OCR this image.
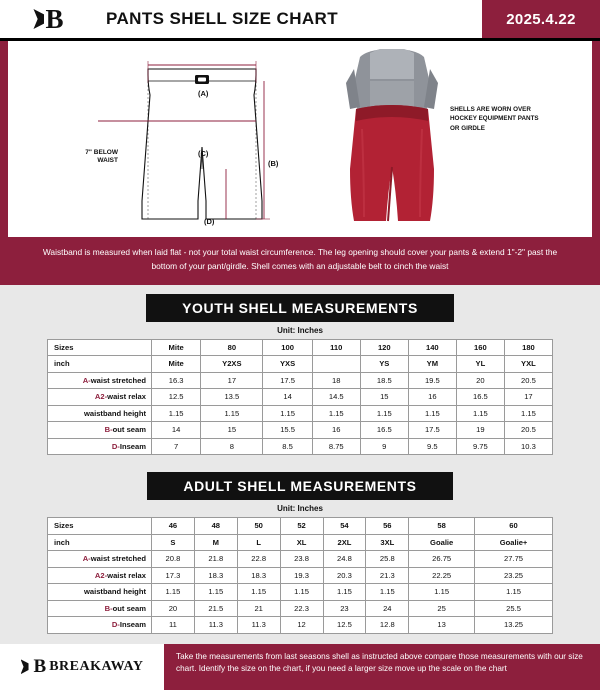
B	PANTS SHELL SIZE CHART	2025.4.22
7" BELOW WAIST
(A)
(C)
(B)
(D)
SHELLS ARE WORN OVER HOCKEY EQUIPMENT PANTS OR GIRDLE
Waistband is measured when laid flat - not your total waist circumference. The leg opening should cover your pants & extend 1"-2" past the bottom of your pant/girdle. Shell comes with an adjustable belt to cinch the waist
YOUTH SHELL MEASUREMENTS
Unit: Inches
Sizes	Mite	80	100	110	120	140	160	180
inch	Mite	Y2XS	YXS		YS	YM	YL	YXL
A-waist stretched	16.3	17	17.5	18	18.5	19.5	20	20.5
A2-waist relax	12.5	13.5	14	14.5	15	16	16.5	17
waistband height	1.15	1.15	1.15	1.15	1.15	1.15	1.15	1.15
B-out seam	14	15	15.5	16	16.5	17.5	19	20.5
D-Inseam	7	8	8.5	8.75	9	9.5	9.75	10.3
ADULT SHELL MEASUREMENTS
Unit: Inches
Sizes	46	48	50	52	54	56	58	60
inch	S	M	L	XL	2XL	3XL	Goalie	Goalie+
A-waist stretched	20.8	21.8	22.8	23.8	24.8	25.8	26.75	27.75
A2-waist relax	17.3	18.3	18.3	19.3	20.3	21.3	22.25	23.25
waistband height	1.15	1.15	1.15	1.15	1.15	1.15	1.15	1.15
B-out seam	20	21.5	21	22.3	23	24	25	25.5
D-Inseam	11	11.3	11.3	12	12.5	12.8	13	13.25
B BREAKAWAY
Take the measurements from last seasons shell as instructed above compare those measurements with our size chart. Identify the size on the chart, if you need a larger size move up the scale on the chart
